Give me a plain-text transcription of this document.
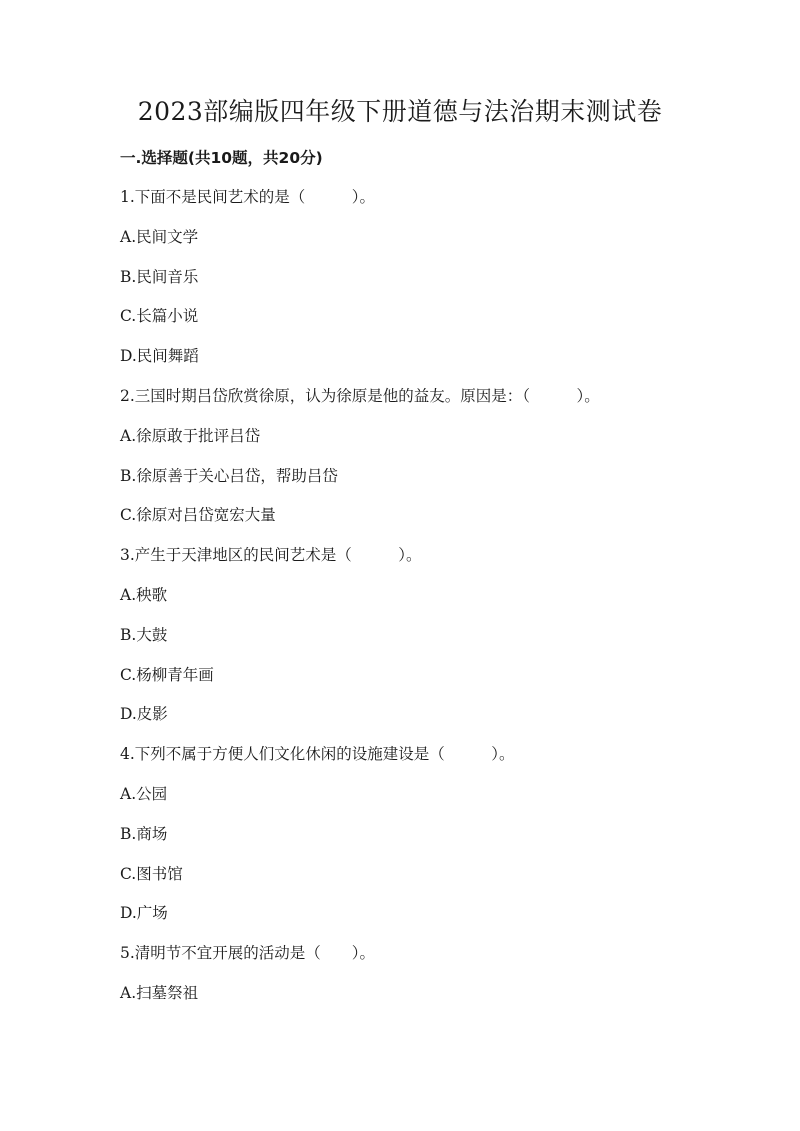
2023部编版四年级下册道德与法治期末测试卷
一.选择题(共10题，共20分)
1.下面不是民间艺术的是（　　　）。
A.民间文学
B.民间音乐
C.长篇小说
D.民间舞蹈
2.三国时期吕岱欣赏徐原，认为徐原是他的益友。原因是：（　　　）。
A.徐原敢于批评吕岱
B.徐原善于关心吕岱，帮助吕岱
C.徐原对吕岱宽宏大量
3.产生于天津地区的民间艺术是（　　　）。
A.秧歌
B.大鼓
C.杨柳青年画
D.皮影
4.下列不属于方便人们文化休闲的设施建设是（　　　）。
A.公园
B.商场
C.图书馆
D.广场
5.清明节不宜开展的活动是（　　）。
A.扫墓祭祖
